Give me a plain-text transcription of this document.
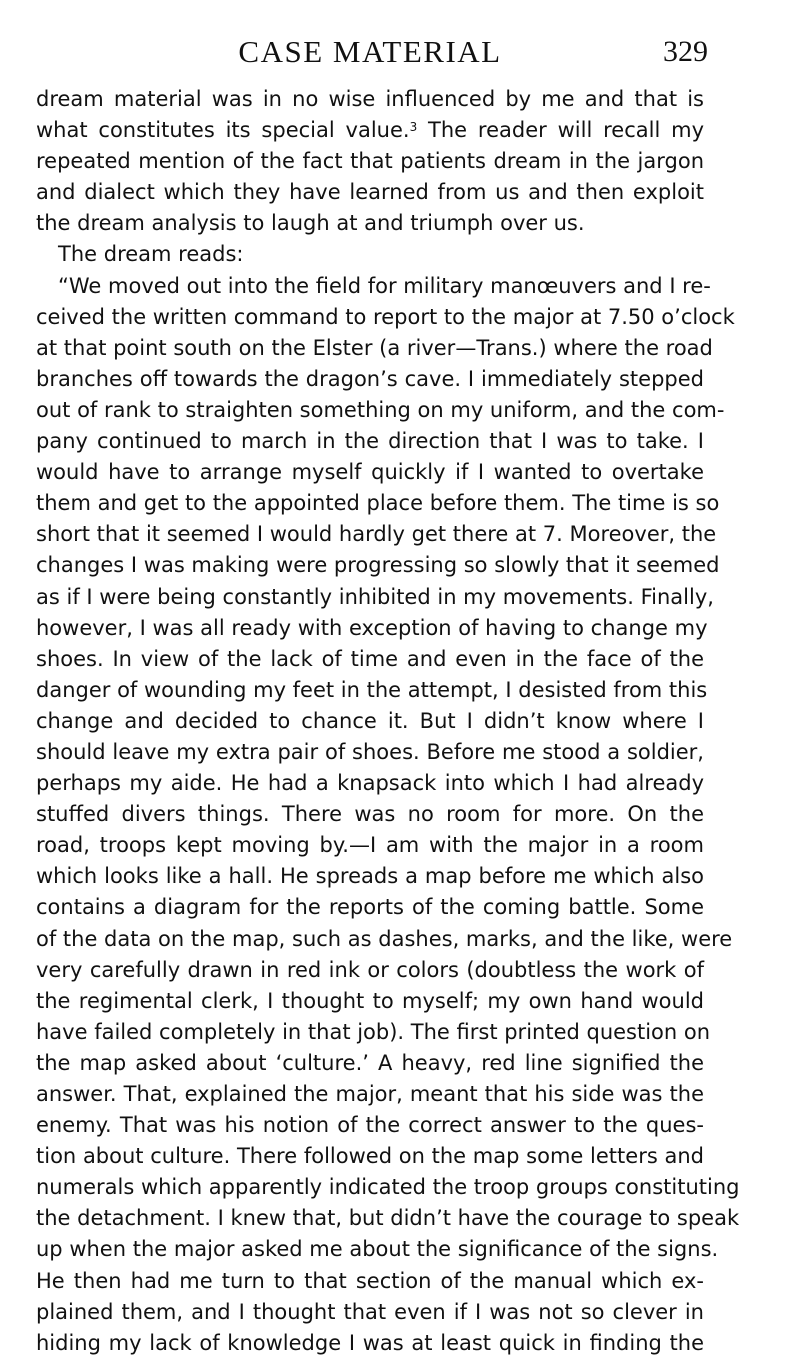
CASE MATERIAL	329
dream material was in no wise influenced by me and that is
what constitutes its special value.$^3$ The reader will recall my
repeated mention of the fact that patients dream in the jargon
and dialect which they have learned from us and then exploit
the dream analysis to laugh at and triumph over us.
The dream reads:
“We moved out into the field for military manœuvers and I re-
ceived the written command to report to the major at 7.50 o’clock
at that point south on the Elster (a river—Trans.) where the road
branches off towards the dragon’s cave. I immediately stepped
out of rank to straighten something on my uniform, and the com-
pany continued to march in the direction that I was to take. I
would have to arrange myself quickly if I wanted to overtake
them and get to the appointed place before them. The time is so
short that it seemed I would hardly get there at 7. Moreover, the
changes I was making were progressing so slowly that it seemed
as if I were being constantly inhibited in my movements. Finally,
however, I was all ready with exception of having to change my
shoes. In view of the lack of time and even in the face of the
danger of wounding my feet in the attempt, I desisted from this
change and decided to chance it. But I didn’t know where I
should leave my extra pair of shoes. Before me stood a soldier,
perhaps my aide. He had a knapsack into which I had already
stuffed divers things. There was no room for more. On the
road, troops kept moving by.—I am with the major in a room
which looks like a hall. He spreads a map before me which also
contains a diagram for the reports of the coming battle. Some
of the data on the map, such as dashes, marks, and the like, were
very carefully drawn in red ink or colors (doubtless the work of
the regimental clerk, I thought to myself; my own hand would
have failed completely in that job). The first printed question on
the map asked about ‘culture.’ A heavy, red line signified the
answer. That, explained the major, meant that his side was the
enemy. That was his notion of the correct answer to the ques-
tion about culture. There followed on the map some letters and
numerals which apparently indicated the troop groups constituting
the detachment. I knew that, but didn’t have the courage to speak
up when the major asked me about the significance of the signs.
He then had me turn to that section of the manual which ex-
plained them, and I thought that even if I was not so clever in
hiding my lack of knowledge I was at least quick in finding the
